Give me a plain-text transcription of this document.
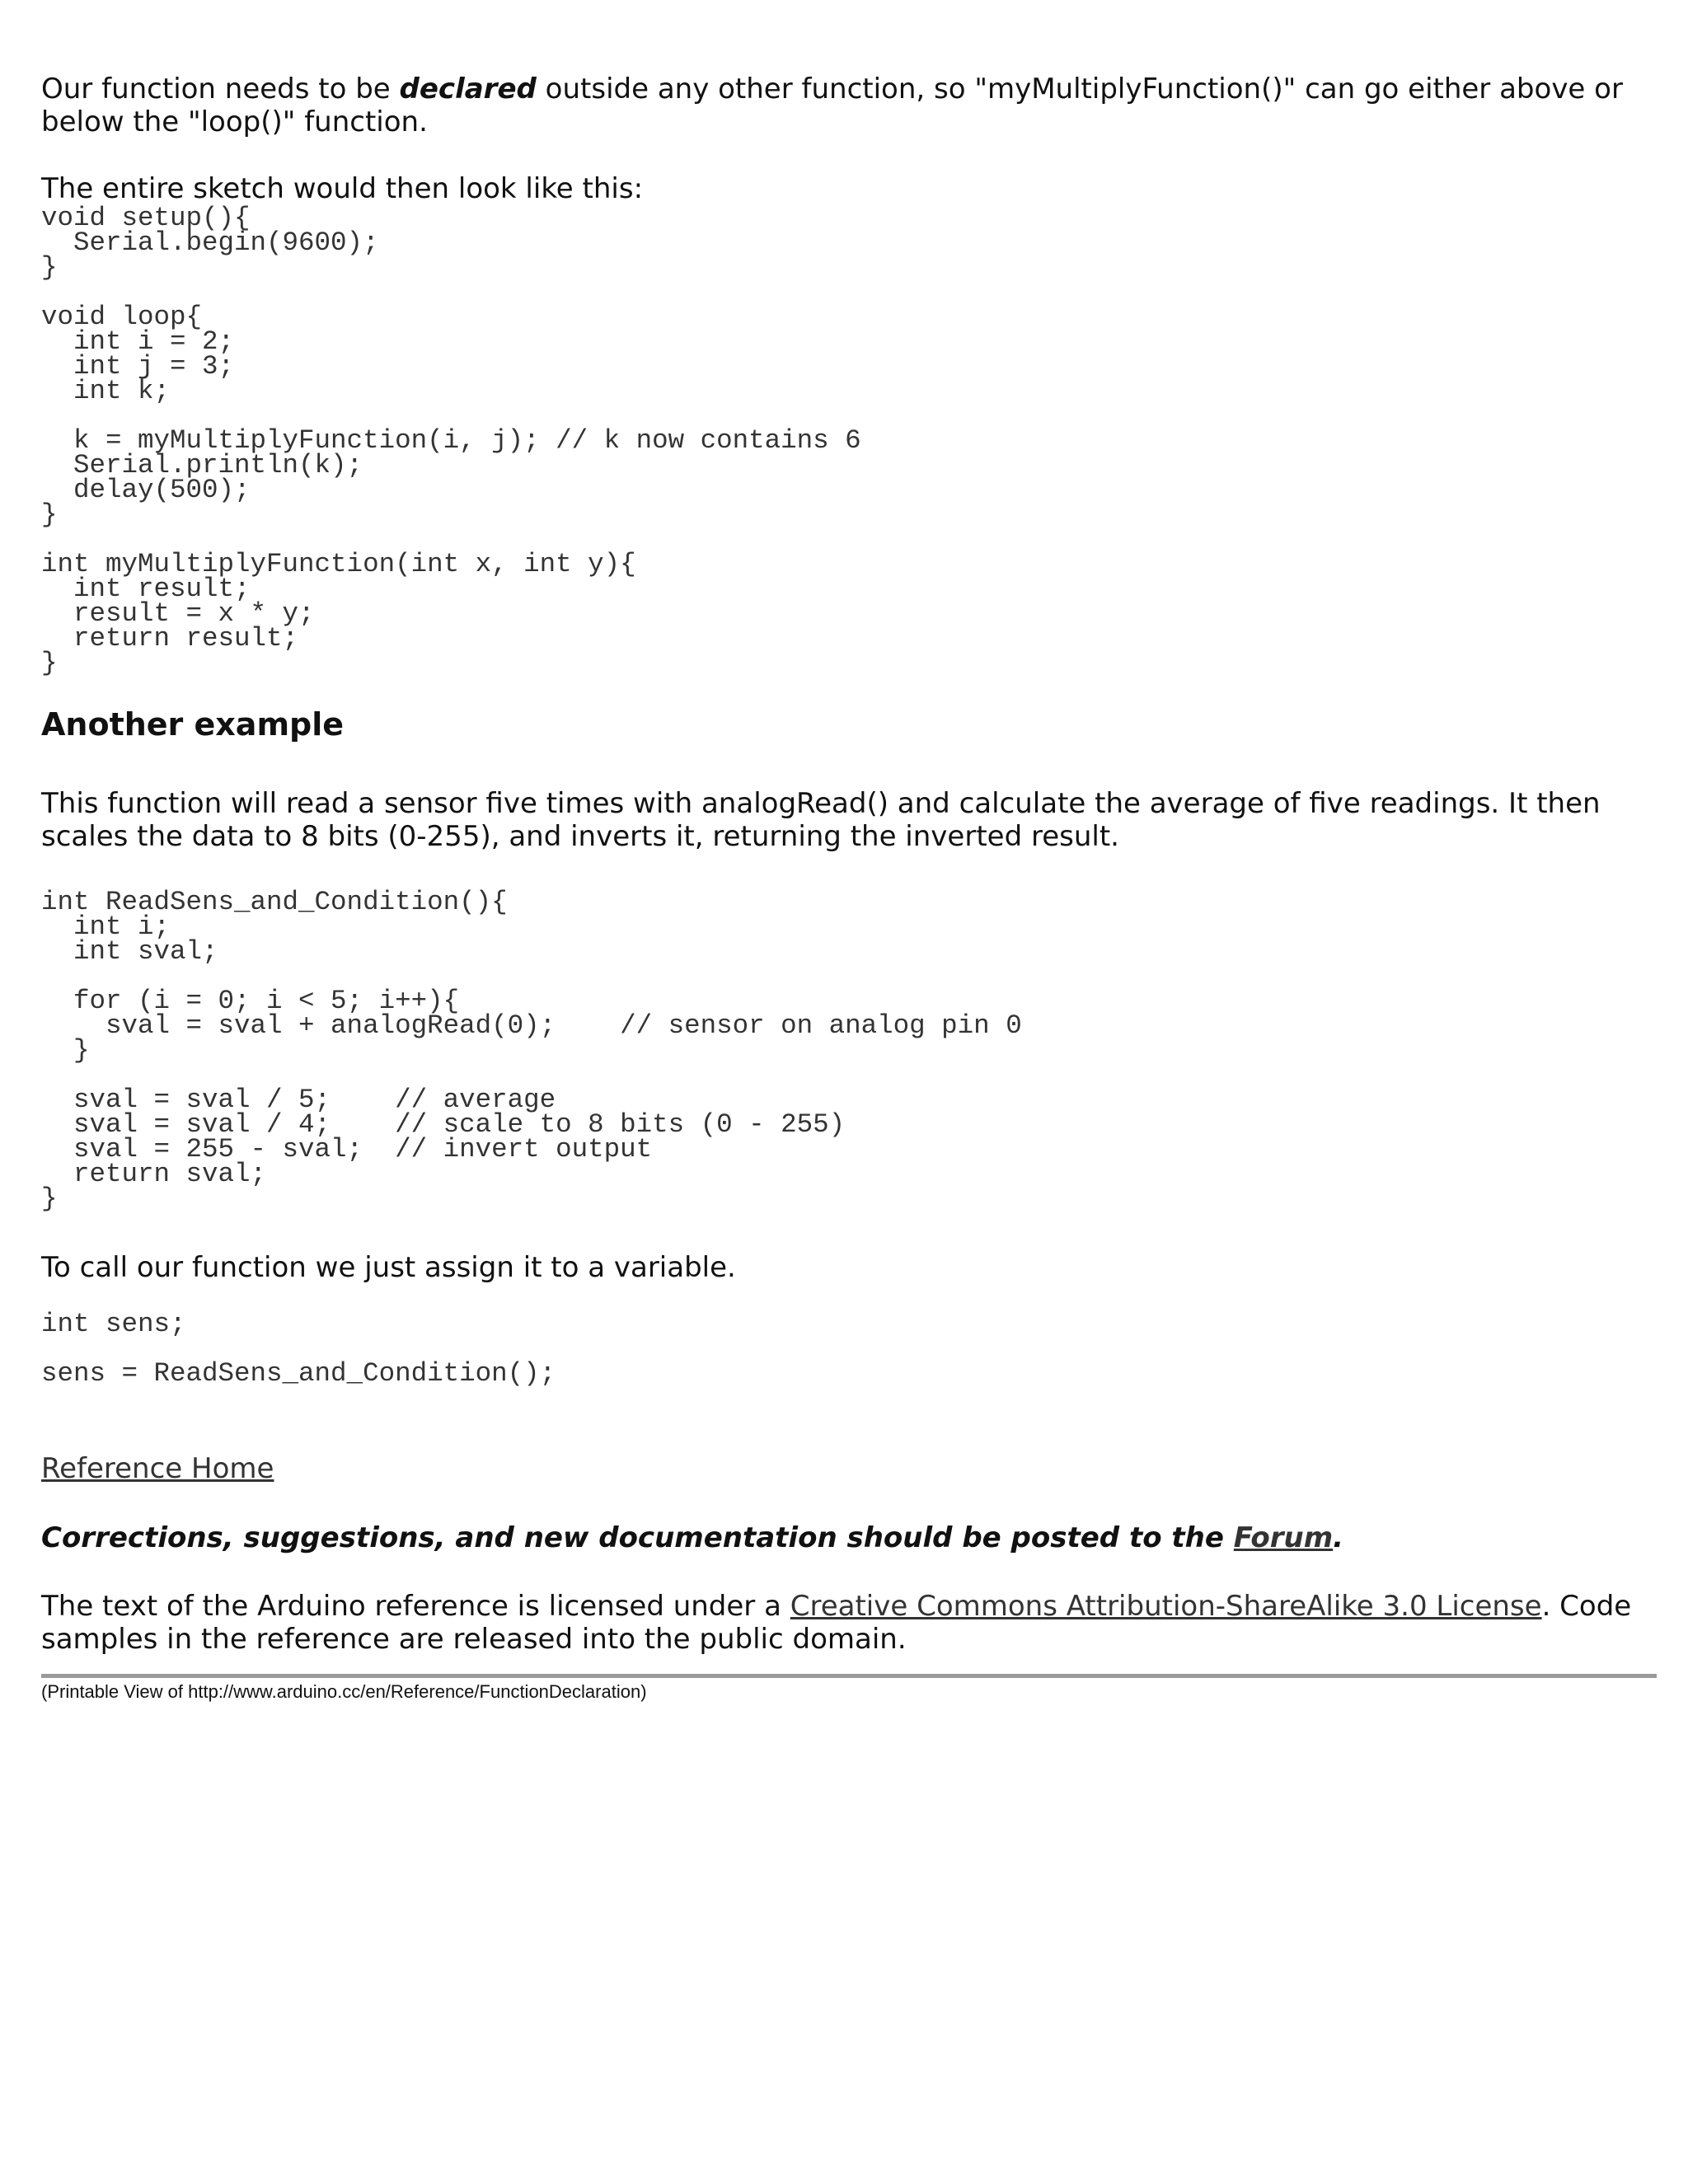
Our function needs to be declared outside any other function, so "myMultiplyFunction()" can go either above or below the "loop()" function.

The entire sketch would then look like this:

void setup(){
Serial.begin(9600);
}

void loop{
int i = 2;
int j = 3;
int k;

k = myMultiplyFunction(i, j); // k now contains 6
Serial.println(k);
delay(500);
}

int myMultiplyFunction(int x, int y){
int result;
result = x * y;
return result;
}
Another example

This function will read a sensor five times with analogRead() and calculate the average of five readings. It then scales the data to 8 bits (0-255), and inverts it, returning the inverted result.

int ReadSens_and_Condition(){
int i;
int sval;

for (i = 0; i < 5; i++){
sval = sval + analogRead(0);    // sensor on analog pin 0
}

sval = sval / 5;    // average
sval = sval / 4;    // scale to 8 bits (0 - 255)
sval = 255 - sval;  // invert output
return sval;
}

To call our function we just assign it to a variable.

int sens;

sens = ReadSens_and_Condition();

Reference Home

Corrections, suggestions, and new documentation should be posted to the Forum.

The text of the Arduino reference is licensed under a Creative Commons Attribution-ShareAlike 3.0 License. Code samples in the reference are released into the public domain.

(Printable View of http://www.arduino.cc/en/Reference/FunctionDeclaration)
